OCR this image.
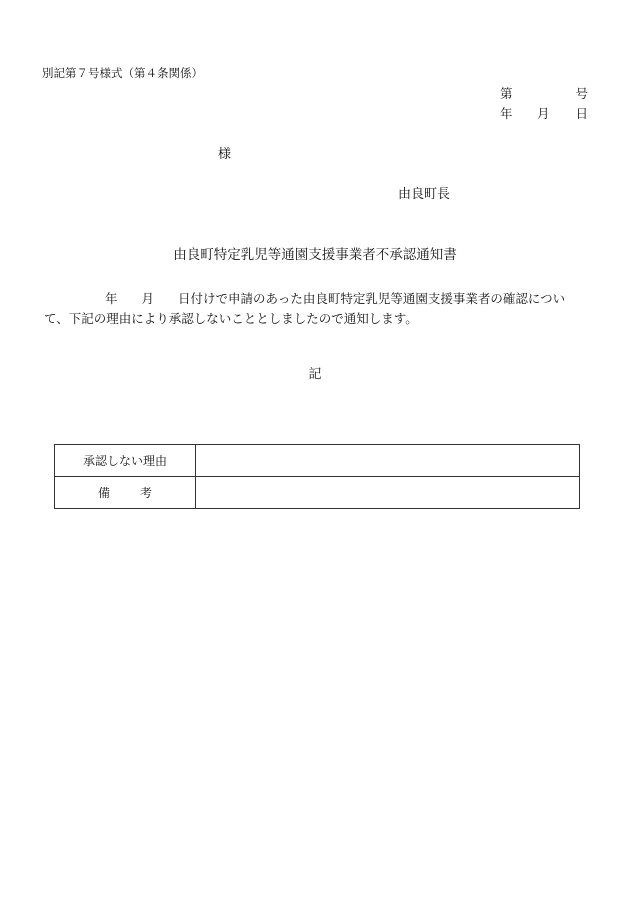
別記第７号様式（第４条関係）
第	号
年 月 日
様
由良町長
由良町特定乳児等通園支援事業者不承認通知書
年 月 日付けで申請のあった由良町特定乳児等通園支援事業者の確認につい
て、下記の理由により承認しないこととしましたので通知します。
記
承認しない理由	
備 考	
